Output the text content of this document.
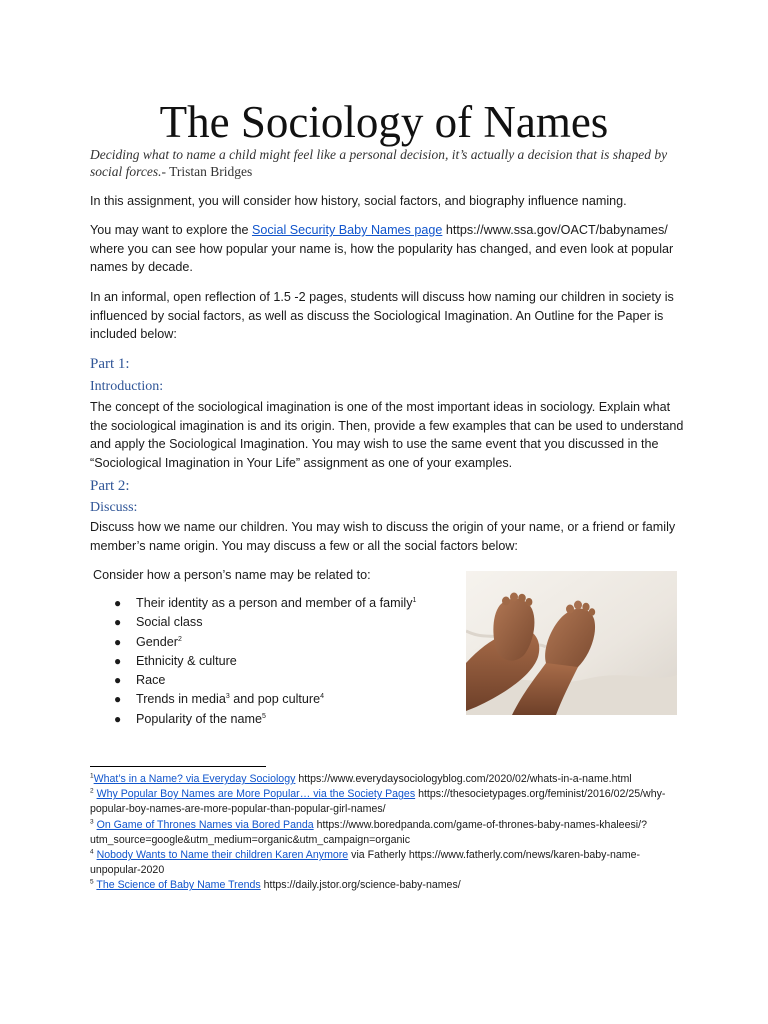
The Sociology of Names
Deciding what to name a child might feel like a personal decision, it’s actually a decision that is shaped by social forces.- Tristan Bridges
In this assignment, you will consider how history, social factors, and biography influence naming.
You may want to explore the Social Security Baby Names page https://www.ssa.gov/OACT/babynames/ where you can see how popular your name is, how the popularity has changed, and even look at popular names by decade.
In an informal, open reflection of 1.5 -2 pages, students will discuss how naming our children in society is influenced by social factors, as well as discuss the Sociological Imagination. An Outline for the Paper is included below:
Part 1:
Introduction:
The concept of the sociological imagination is one of the most important ideas in sociology. Explain what the sociological imagination is and its origin. Then, provide a few examples that can be used to understand and apply the Sociological Imagination. You may wish to use the same event that you discussed in the “Sociological Imagination in Your Life” assignment as one of your examples.
Part 2:
Discuss:
Discuss how we name our children. You may wish to discuss the origin of your name, or a friend or family member’s name origin. You may discuss a few or all the social factors below:
Consider how a person’s name may be related to:
● Their identity as a person and member of a family$^1$
● Social class
● Gender$^2$
● Ethnicity & culture
● Race
● Trends in media$^3$ and pop culture$^4$
● Popularity of the name$^5$

$^1$What’s in a Name? via Everyday Sociology https://www.everydaysociologyblog.com/2020/02/whats-in-a-name.html

$^2$ Why Popular Boy Names are More Popular… via the Society Pages https://thesocietypages.org/feminist/2016/02/25/why-popular-boy-names-are-more-popular-than-popular-girl-names/

$^3$ On Game of Thrones Names via Bored Panda https://www.boredpanda.com/game-of-thrones-baby-names-khaleesi/?utm_source=google&utm_medium=organic&utm_campaign=organic

$^4$ Nobody Wants to Name their children Karen Anymore via Fatherly https://www.fatherly.com/news/karen-baby-name-unpopular-2020

$^5$ The Science of Baby Name Trends https://daily.jstor.org/science-baby-names/
